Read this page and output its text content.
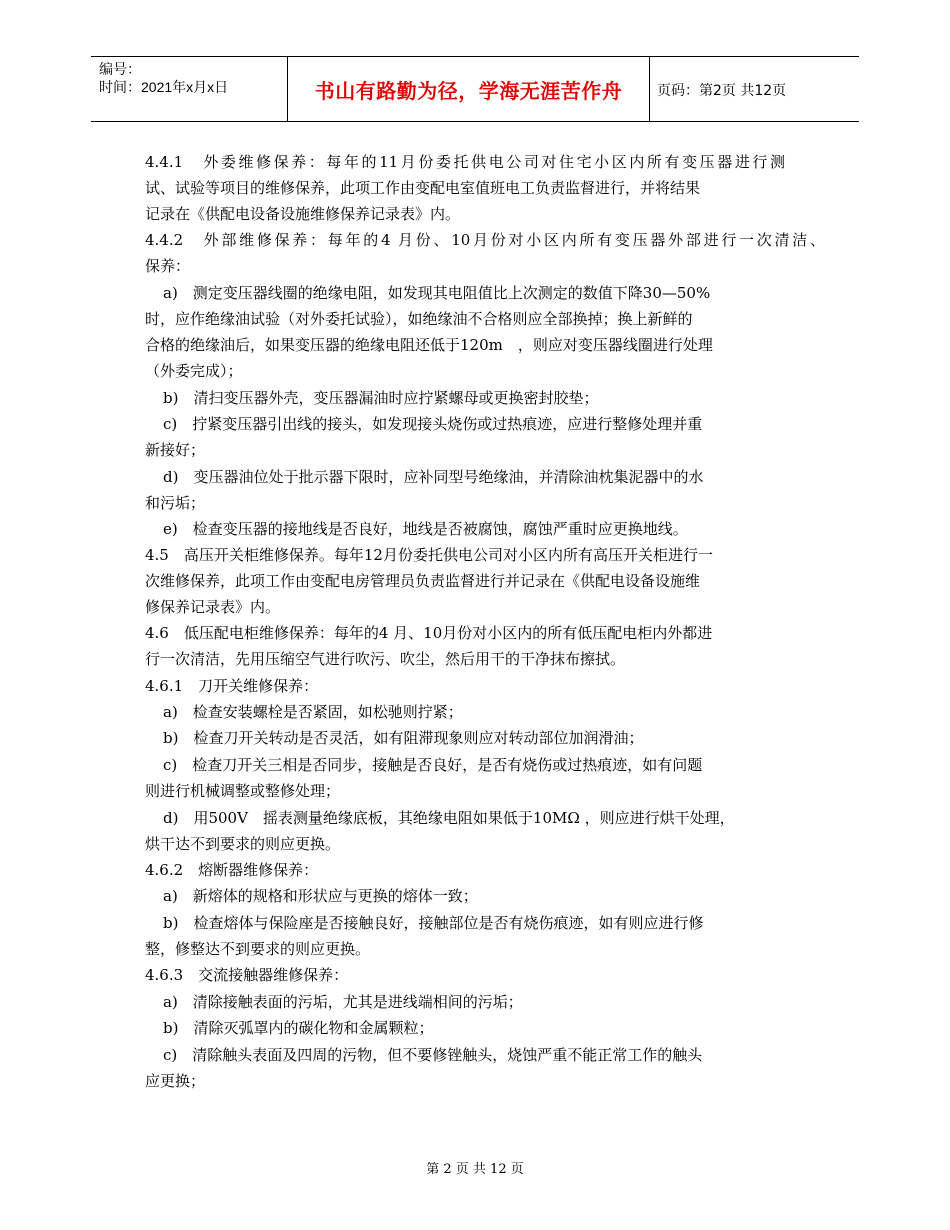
编号：
时间：2021年x月x日	书山有路勤为径，学海无涯苦作舟 页码：第2页 共12页
4.4.1　外委维修保养：每年的11月份委托供电公司对住宅小区内所有变压器进行测
试、试验等项目的维修保养，此项工作由变配电室值班电工负责监督进行，并将结果
记录在《供配电设备设施维修保养记录表》内。
4.4.2　外部维修保养：每年的4 月份、10月份对小区内所有变压器外部进行一次清洁、
保养：
a)　测定变压器线圈的绝缘电阻，如发现其电阻值比上次测定的数值下降30—50%
时，应作绝缘油试验（对外委托试验），如绝缘油不合格则应全部换掉；换上新鲜的
合格的绝缘油后，如果变压器的绝缘电阻还低于120m　，则应对变压器线圈进行处理
（外委完成）；
b)　清扫变压器外壳，变压器漏油时应拧紧螺母或更换密封胶垫；
c)　拧紧变压器引出线的接头，如发现接头烧伤或过热痕迹，应进行整修处理并重
新接好；
d)　变压器油位处于批示器下限时，应补同型号绝缘油，并清除油枕集泥器中的水
和污垢；
e)　检查变压器的接地线是否良好，地线是否被腐蚀，腐蚀严重时应更换地线。
4.5　高压开关柜维修保养。每年12月份委托供电公司对小区内所有高压开关柜进行一
次维修保养，此项工作由变配电房管理员负责监督进行并记录在《供配电设备设施维
修保养记录表》内。
4.6　低压配电柜维修保养：每年的4 月、10月份对小区内的所有低压配电柜内外都进
行一次清洁，先用压缩空气进行吹污、吹尘，然后用干的干净抹布擦拭。
4.6.1　刀开关维修保养：
a)　检查安装螺栓是否紧固，如松驰则拧紧；
b)　检查刀开关转动是否灵活，如有阻滞现象则应对转动部位加润滑油；
c)　检查刀开关三相是否同步，接触是否良好，是否有烧伤或过热痕迹，如有问题
则进行机械调整或整修处理；
d)　用500V　摇表测量绝缘底板，其绝缘电阻如果低于10MΩ ，则应进行烘干处理，
烘干达不到要求的则应更换。
4.6.2　熔断器维修保养：
a)　新熔体的规格和形状应与更换的熔体一致；
b)　检查熔体与保险座是否接触良好，接触部位是否有烧伤痕迹，如有则应进行修
整，修整达不到要求的则应更换。
4.6.3　交流接触器维修保养：
a)　清除接触表面的污垢，尤其是进线端相间的污垢；
b)　清除灭弧罩内的碳化物和金属颗粒；
c)　清除触头表面及四周的污物，但不要修锉触头，烧蚀严重不能正常工作的触头
应更换；
第 2 页 共 12 页
